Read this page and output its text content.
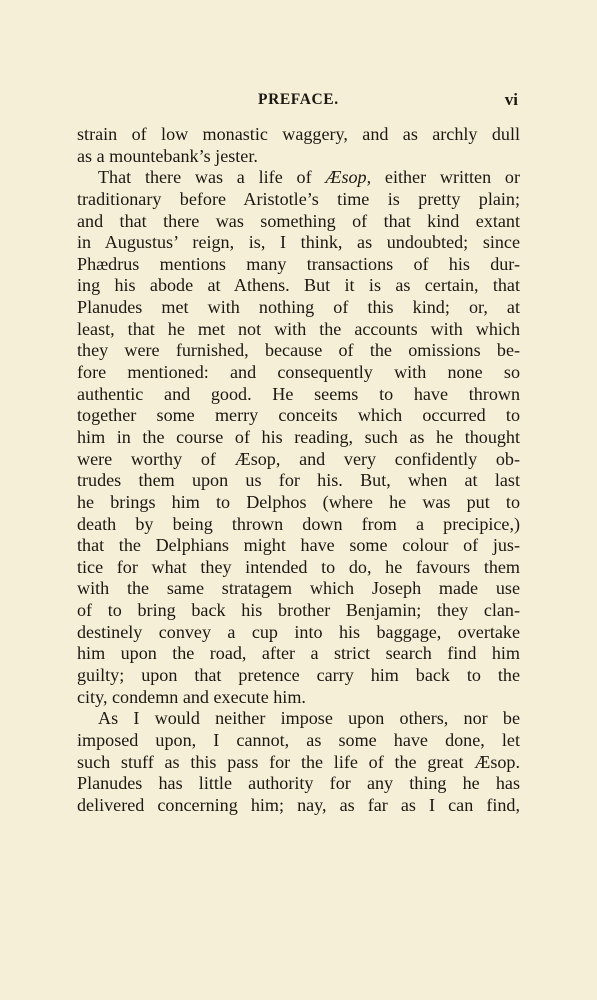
PREFACE.	vi
strain of low monastic waggery, and as archly dull
as a mountebank’s jester.
That there was a life of Æsop, either written or
traditionary before Aristotle’s time is pretty plain;
and that there was something of that kind extant
in Augustus’ reign, is, I think, as undoubted; since
Phædrus mentions many transactions of his dur-
ing his abode at Athens. But it is as certain, that
Planudes met with nothing of this kind; or, at
least, that he met not with the accounts with which
they were furnished, because of the omissions be-
fore mentioned: and consequently with none so
authentic and good. He seems to have thrown
together some merry conceits which occurred to
him in the course of his reading, such as he thought
were worthy of Æsop, and very confidently ob-
trudes them upon us for his. But, when at last
he brings him to Delphos (where he was put to
death by being thrown down from a precipice,)
that the Delphians might have some colour of jus-
tice for what they intended to do, he favours them
with the same stratagem which Joseph made use
of to bring back his brother Benjamin; they clan-
destinely convey a cup into his baggage, overtake
him upon the road, after a strict search find him
guilty; upon that pretence carry him back to the
city, condemn and execute him.
As I would neither impose upon others, nor be
imposed upon, I cannot, as some have done, let
such stuff as this pass for the life of the great Æsop.
Planudes has little authority for any thing he has
delivered concerning him; nay, as far as I can find,
